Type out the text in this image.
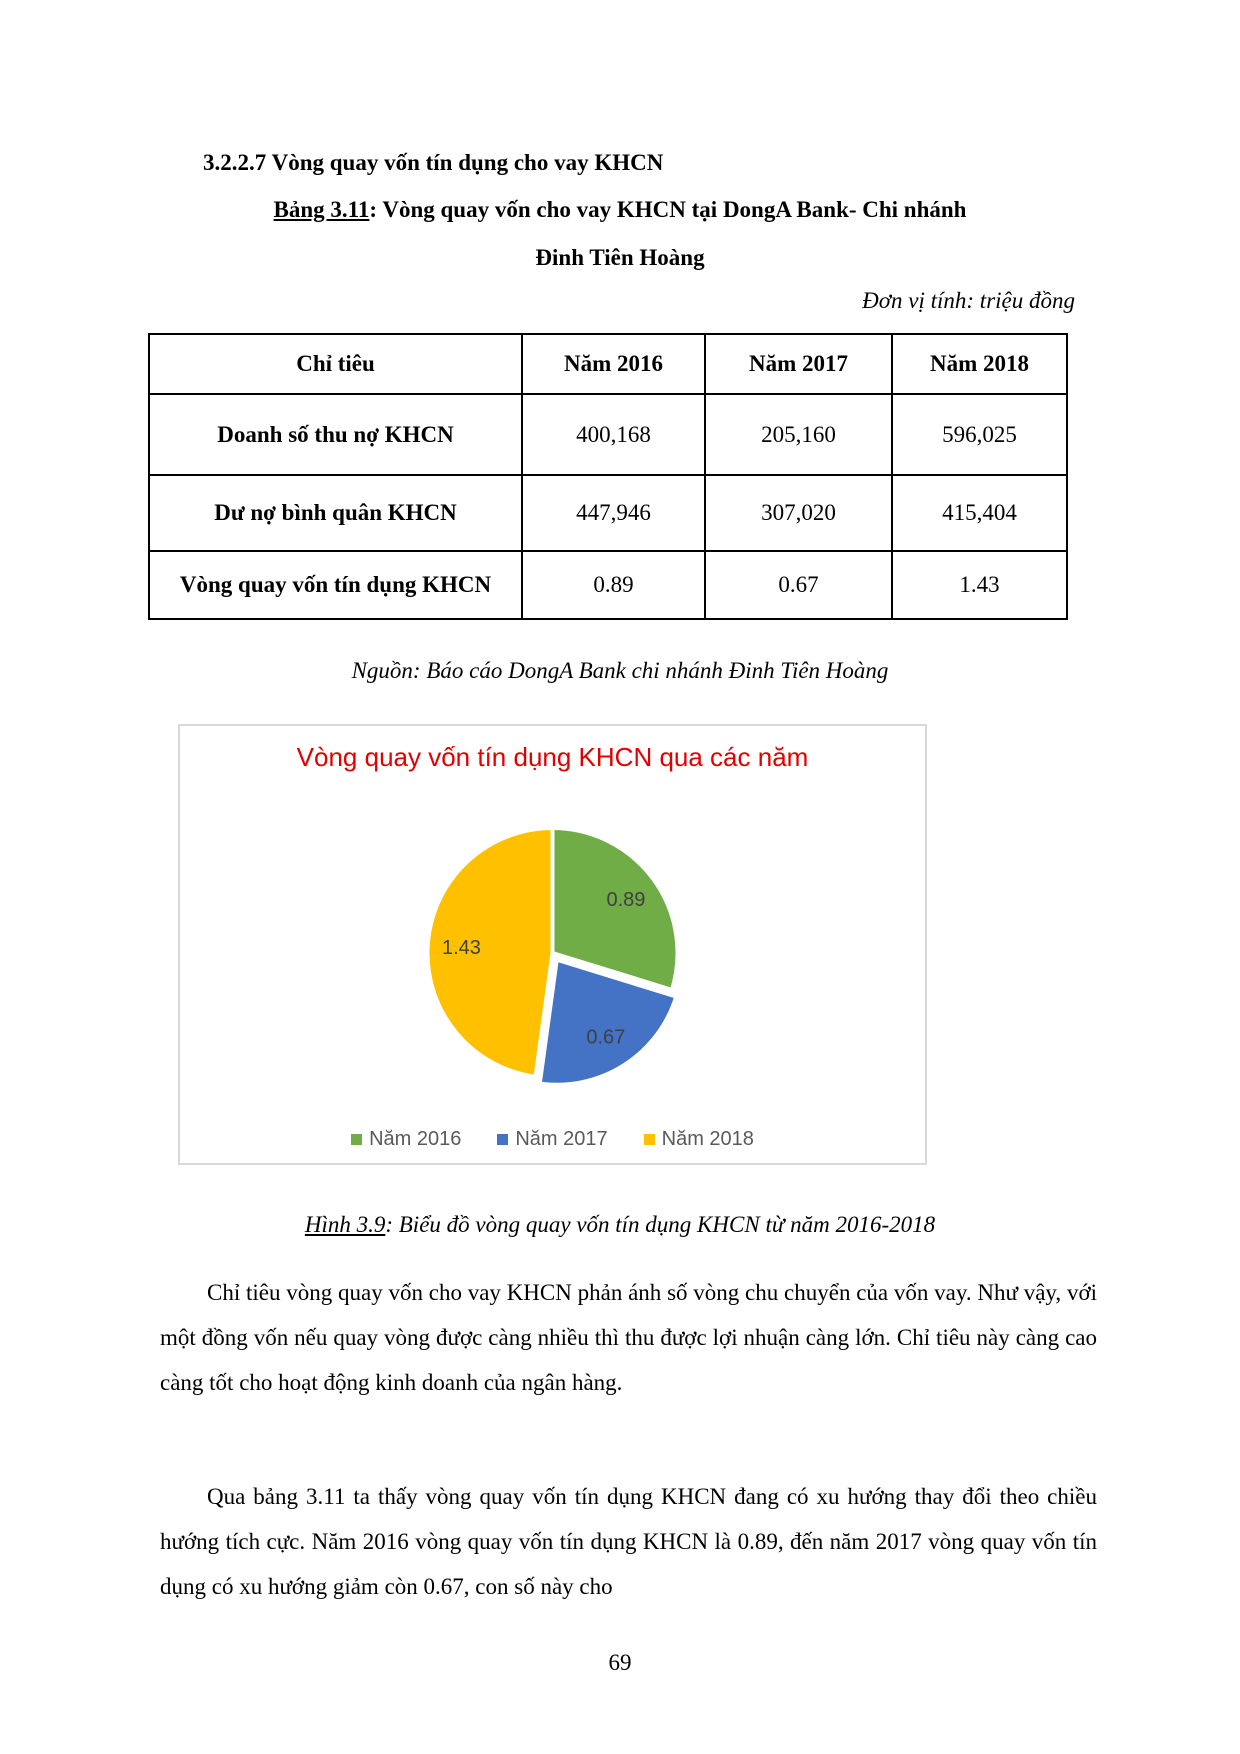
3.2.2.7 Vòng quay vốn tín dụng cho vay KHCN
Bảng 3.11: Vòng quay vốn cho vay KHCN tại DongA Bank- Chi nhánh
Đinh Tiên Hoàng
Đơn vị tính: triệu đồng
Chỉ tiêu	Năm 2016	Năm 2017	Năm 2018
Doanh số thu nợ KHCN	400,168	205,160	596,025
Dư nợ bình quân KHCN	447,946	307,020	415,404
Vòng quay vốn tín dụng KHCN	0.89	0.67	1.43
Nguồn: Báo cáo DongA Bank chi nhánh Đinh Tiên Hoàng
0.89
0.67
1.43
Vòng quay vốn tín dụng KHCN qua các năm
Năm 2016	Năm 2017	Năm 2018
Hình 3.9: Biểu đồ vòng quay vốn tín dụng KHCN từ năm 2016-2018
Chỉ tiêu vòng quay vốn cho vay KHCN phản ánh số vòng chu chuyển của vốn vay. Như vậy, với một đồng vốn nếu quay vòng được càng nhiều thì thu được lợi nhuận càng lớn. Chỉ tiêu này càng cao càng tốt cho hoạt động kinh doanh của ngân hàng.
Qua bảng 3.11 ta thấy vòng quay vốn tín dụng KHCN đang có xu hướng thay đổi theo chiều hướng tích cực. Năm 2016 vòng quay vốn tín dụng KHCN là 0.89, đến năm 2017 vòng quay vốn tín dụng có xu hướng giảm còn 0.67, con số này cho
69
